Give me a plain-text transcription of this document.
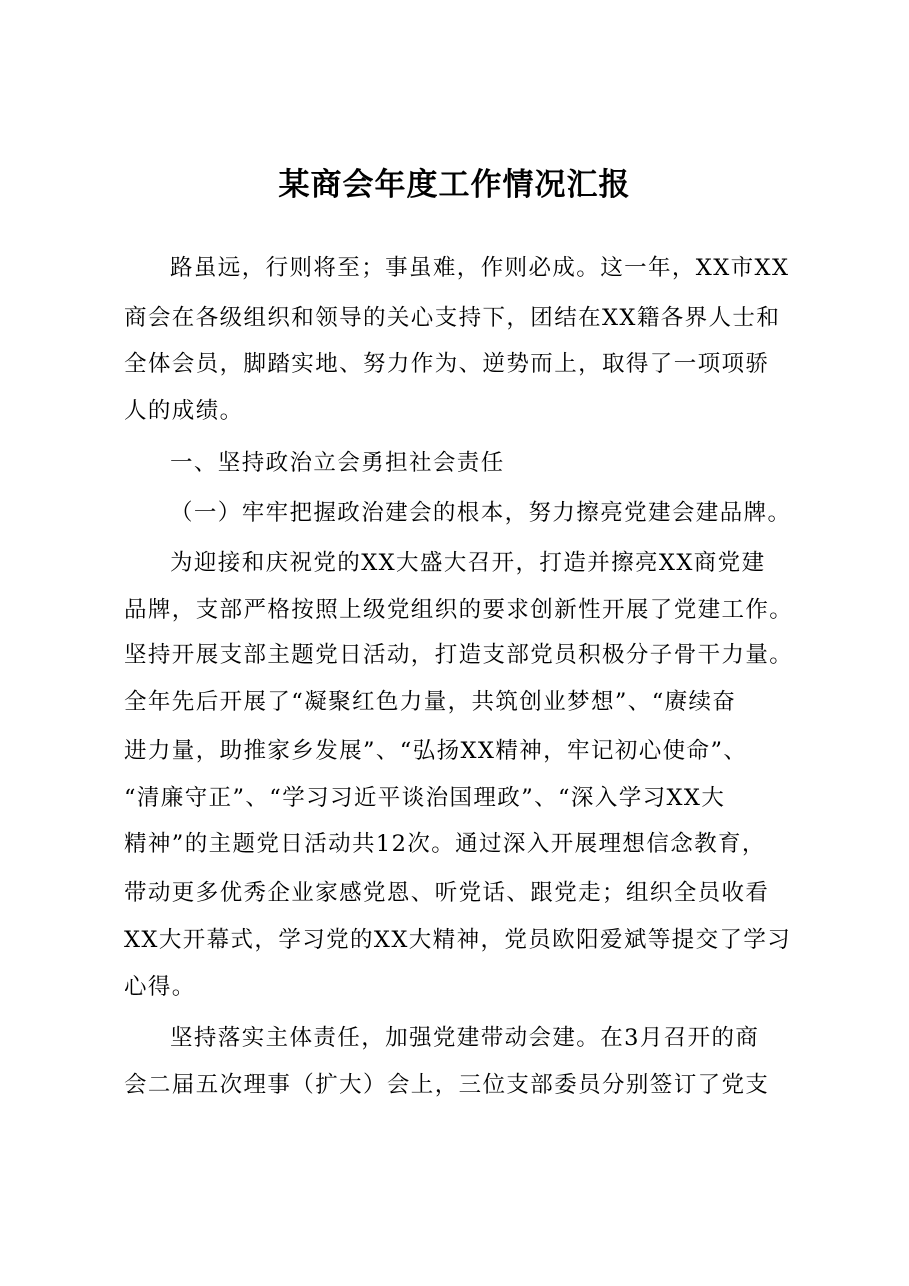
某商会年度工作情况汇报
路虽远，行则将至；事虽难，作则必成。这一年，XX市XX
商会在各级组织和领导的关心支持下，团结在XX籍各界人士和
全体会员，脚踏实地、努力作为、逆势而上，取得了一项项骄
人的成绩。
一、坚持政治立会勇担社会责任
（一）牢牢把握政治建会的根本，努力擦亮党建会建品牌。
为迎接和庆祝党的XX大盛大召开，打造并擦亮XX商党建
品牌，支部严格按照上级党组织的要求创新性开展了党建工作。
坚持开展支部主题党日活动，打造支部党员积极分子骨干力量。
全年先后开展了“凝聚红色力量，共筑创业梦想”、“赓续奋
进力量，助推家乡发展”、“弘扬XX精神，牢记初心使命”、
“清廉守正”、“学习习近平谈治国理政”、“深入学习XX大
精神”的主题党日活动共12次。通过深入开展理想信念教育，
带动更多优秀企业家感党恩、听党话、跟党走；组织全员收看
XX大开幕式，学习党的XX大精神，党员欧阳爱斌等提交了学习
心得。
坚持落实主体责任，加强党建带动会建。在3月召开的商
会二届五次理事（扩大）会上，三位支部委员分别签订了党支
